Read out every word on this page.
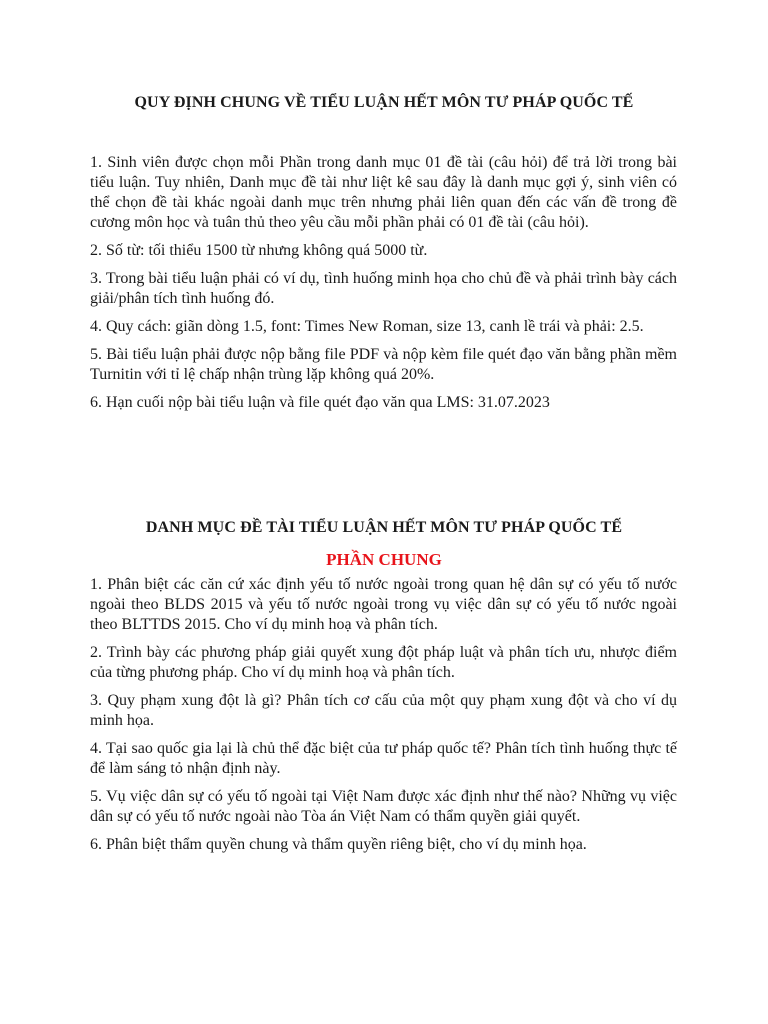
QUY ĐỊNH CHUNG VỀ TIỂU LUẬN HẾT MÔN TƯ PHÁP QUỐC TẾ

1. Sinh viên được chọn mỗi Phần trong danh mục 01 đề tài (câu hỏi) để trả lời trong bài tiểu luận. Tuy nhiên, Danh mục đề tài như liệt kê sau đây là danh mục gợi ý, sinh viên có thể chọn đề tài khác ngoài danh mục trên nhưng phải liên quan đến các vấn đề trong đề cương môn học và tuân thủ theo yêu cầu mỗi phần phải có 01 đề tài (câu hỏi).

2. Số từ: tối thiểu 1500 từ nhưng không quá 5000 từ.

3. Trong bài tiểu luận phải có ví dụ, tình huống minh họa cho chủ đề và phải trình bày cách giải/phân tích tình huống đó.

4. Quy cách: giãn dòng 1.5, font: Times New Roman, size 13, canh lề trái và phải: 2.5.

5. Bài tiểu luận phải được nộp bằng file PDF và nộp kèm file quét đạo văn bằng phần mềm Turnitin với tỉ lệ chấp nhận trùng lặp không quá 20%.

6. Hạn cuối nộp bài tiểu luận và file quét đạo văn qua LMS: 31.07.2023

DANH MỤC ĐỀ TÀI TIỂU LUẬN HẾT MÔN TƯ PHÁP QUỐC TẾ
PHẦN CHUNG

1. Phân biệt các căn cứ xác định yếu tố nước ngoài trong quan hệ dân sự có yếu tố nước ngoài theo BLDS 2015 và yếu tố nước ngoài trong vụ việc dân sự có yếu tố nước ngoài theo BLTTDS 2015. Cho ví dụ minh hoạ và phân tích.

2. Trình bày các phương pháp giải quyết xung đột pháp luật và phân tích ưu, nhược điểm của từng phương pháp. Cho ví dụ minh hoạ và phân tích.

3. Quy phạm xung đột là gì? Phân tích cơ cấu của một quy phạm xung đột và cho ví dụ minh họa.

4. Tại sao quốc gia lại là chủ thể đặc biệt của tư pháp quốc tế? Phân tích tình huống thực tế để làm sáng tỏ nhận định này.

5. Vụ việc dân sự có yếu tố ngoài tại Việt Nam được xác định như thế nào? Những vụ việc dân sự có yếu tố nước ngoài nào Tòa án Việt Nam có thẩm quyền giải quyết.

6. Phân biệt thẩm quyền chung và thẩm quyền riêng biệt, cho ví dụ minh họa.
